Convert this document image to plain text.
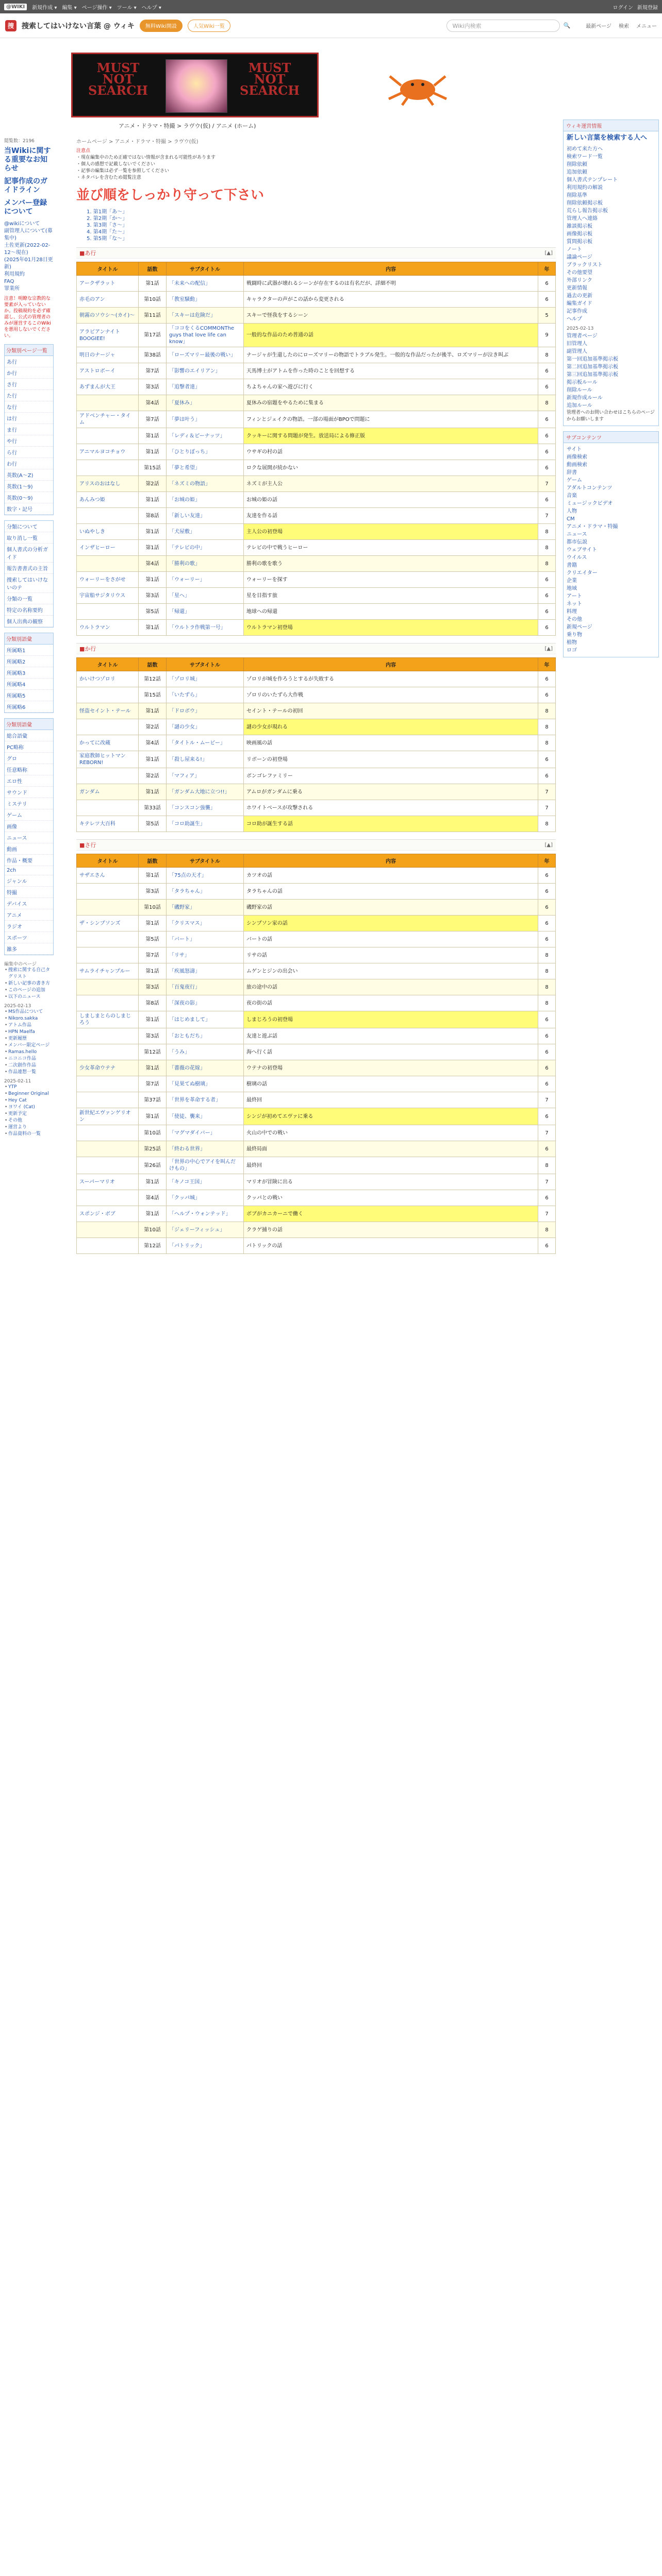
@WIKI	新規作成 ▾ 編集 ▾ ページ操作 ▾ ツール ▾ ヘルプ ▾	ログイン 新規登録
捜	捜索してはいけない言葉 @ ウィキ	無料Wiki開設	人気Wiki一覧	Wiki内検索	🔍	最新ページ 検索 メニュー
MUST
NOT
SEARCH
MUST
NOT
SEARCH
アニメ・ドラマ・特撮 > ラヴウ(仮) / アニメ (ホーム)
閲覧数：2196
当Wikiに関する重要なお知らせ
記事作成のガイドライン
メンバー登録について
@wikiについて
副管理人について(募集中)
土佐更新(2022-02-12〜現在)
(2025年01月28日更新)
利用規約
FAQ
罪業所
注意！明瞭な宗教的な要素が入っていないか。投稿規約を必ず確認し、公式の管理者のみが運営するこのWiki を悪用しないでください。
分類別ページ一覧
あ行
か行
さ行
た行
な行
は行
ま行
や行
ら行
わ行
英数(A〜Z)
英数(1〜9)
英数(0〜9)
数字・記号
分類について
取り消し一覧
個人書式の分析ガイド
報告書書式の主旨
捜索してはいけないのテ
分類の一覧
特定の名称要約
個人出典の観察
分類別語彙
所属略1
所属略2
所属略3
所属略4
所属略5
所属略6
分類別語彙
総合語彙
PC略称
グロ
任意略称
エロ性
サウンド
ミステリ
ゲーム
画像
ニュース
動画
作品・概要
2ch
ジャンル
特撮
デバイス
アニメ
ラジオ
スポーツ
雑多
編集中のページ
• 捜索に関する自己タグリスト
• 新しい記事の書き方
• このページの追加
• 以下のニュース
2025-02-13
• MS作品について
• Nikoro.sakka
• アトム作品
• HPN Maelfa
• 更新履歴
• メンバー限定ページ
• Ramas.hello
• ニコニコ作品
• 二次創作作品
• 作品連想一覧
2025-02-11
• YTP
• Beginner Original
• Hey Cat
• ヨワイ (Cat)
• 更新予定
• その他
• 運営より
• 作品資料の一覧
ホームページ > アニメ・ドラマ・特撮 > ラヴウ(仮)
注意点
・現在編集中のため正確ではない情報が含まれる可能性があります
・個人の感想で記載しないでください
・記事の編集は必ず一覧を参照してください
・ネタバレを含むため閲覧注意
並び順をしっかり守って下さい
1. 第1期「あ〜」
2. 第2期「か〜」
3. 第3期「さ〜」
4. 第4期「た〜」
5. 第5期「な〜」
■あ行	[▲]
タイトル	話数	サブタイトル	内容	年
アークザラット	第1話	「未来への配信」	戦闘時に武器が壊れるシーンが存在するのは有名だが、詳細不明	6
赤毛のアン	第10話	「教室騒動」	キャラクターの声がこの話から変更される	6
朝霧のソウシ〜(カイ)〜	第11話	「スキーは危険だ」	スキーで怪我をするシーン	5
アラビアンナイト BOOGIEE!	第17話	「ココをくるCOMMONThe guys that love life can know」	一般的な作品のため普通の話	9
明日のナージャ	第38話	「ローズマリー最後の戦い」	ナージャが生還したのにローズマリーの物語でトラブル発生。一般的な作品だったが後半、ロズマリーが泣き叫ぶ	8
アストロボーイ	第7話	「影響のエイリアン」	天馬博士がアトムを作った時のことを回想する	6
あずまんが大王	第3話	「追撃者達」	ちよちゃんの家へ遊びに行く	6
	第4話	「夏休み」	夏休みの宿題をやるために集まる	8
アドベンチャー・タイム	第7話	「夢は叶う」	フィンとジェイクの物語。一部の場面がBPOで問題に	6
	第1話	「レディ＆ピーナッツ」	クッキーに関する問題が発生。放送局による修正版	6
アニマルヨコチョウ	第1話	「ひとりぼっち」	ウサギの村の話	6
	第15話	「夢と希望」	ロクな展開が続かない	6
アリスのおはなし	第2話	「ネズミの物語」	ネズミが主人公	7
あんみつ姫	第1話	「お城の姫」	お城の姫の話	6
	第8話	「新しい友達」	友達を作る話	7
いぬやしき	第1話	「犬屋敷」	主人公の初登場	8
インザヒーロー	第1話	「テレビの中」	テレビの中で戦うヒーロー	8
	第4話	「勝利の歌」	勝利の歌を歌う	8
ウォーリーをさがせ	第1話	「ウォーリー」	ウォーリーを探す	6
宇宙船サジタリウス	第3話	「星へ」	星を目指す旅	6
	第5話	「帰還」	地球への帰還	6
ウルトラマン	第1話	「ウルトラ作戦第一号」	ウルトラマン初登場	6
■か行	[▲]
タイトル	話数	サブタイトル	内容	年
かいけつゾロリ	第12話	「ゾロリ城」	ゾロリが城を作ろうとするが失敗する	6
	第15話	「いたずら」	ゾロリのいたずら大作戦	6
怪盗セイント・テール	第1話	「ドロボウ」	セイント・テールの初回	8
	第2話	「謎の少女」	謎の少女が現れる	8
かってに改蔵	第4話	「タイトル・ムービー」	映画風の話	8
家庭教師ヒットマンREBORN!	第1話	「殺し屋来る!」	リボーンの初登場	6
	第2話	「マフィア」	ボンゴレファミリー	6
ガンダム	第1話	「ガンダム大地に立つ!!」	アムロがガンダムに乗る	7
	第33話	「コンスコン強襲」	ホワイトベースが攻撃される	7
キテレツ大百科	第5話	「コロ助誕生」	コロ助が誕生する話	8
■さ行	[▲]
タイトル	話数	サブタイトル	内容	年
サザエさん	第1話	「75点の天才」	カツオの話	6
	第3話	「タラちゃん」	タラちゃんの話	6
	第10話	「磯野家」	磯野家の話	6
ザ・シンプソンズ	第1話	「クリスマス」	シンプソン家の話	6
	第5話	「バート」	バートの話	6
	第7話	「リサ」	リサの話	8
サムライチャンプルー	第1話	「疾風怒濤」	ムゲンとジンの出会い	8
	第3話	「百鬼夜行」	旅の途中の話	8
	第8話	「深夜の影」	夜の街の話	8
しましまとらのしまじろう	第1話	「はじめまして」	しまじろうの初登場	6
	第3話	「おともだち」	友達と遊ぶ話	6
	第12話	「うみ」	海へ行く話	6
少女革命ウテナ	第1話	「薔薇の花嫁」	ウテナの初登場	6
	第7話	「見果てぬ樹璃」	樹璃の話	6
	第37話	「世界を革命する者」	最終回	7
新世紀エヴァンゲリオン	第1話	「使徒、襲来」	シンジが初めてエヴァに乗る	6
	第10話	「マグマダイバー」	火山の中での戦い	7
	第25話	「終わる世界」	最終局面	6
	第26話	「世界の中心でアイを叫んだけもの」	最終回	8
スーパーマリオ	第1話	「キノコ王国」	マリオが冒険に出る	7
	第4話	「クッパ城」	クッパとの戦い	6
スポンジ・ボブ	第1話	「ヘルプ・ウォンテッド」	ボブがカニカーニで働く	7
	第10話	「ジェリーフィッシュ」	クラゲ捕りの話	8
	第12話	「パトリック」	パトリックの話	6
ウィキ運営情報
新しい言葉を検索する人へ
初めて来た方へ
検索ワード一覧
削除依頼
追加依頼
個人書式テンプレート
利用規約の解説
削除基準
削除依頼掲示板
荒らし報告掲示板
管理人へ連絡
雑談掲示板
画像掲示板
質問掲示板
ノート
議論ページ
ブラックリスト
その他要望
外部リンク
更新情報
過去の更新
編集ガイド
記事作成
ヘルプ
2025-02-13
管理者ページ
旧管理人
副管理人
第一回追加基準掲示板
第二回追加基準掲示板
第三回追加基準掲示板
掲示板ルール
削除ルール
新規作成ルール
追加ルール
管理者へのお問い合わせはこちらのページからお願いします
サブコンテンツ
サイト
画像検索
動画検索
辞書
ゲーム
アダルトコンテンツ
音楽
ミュージックビデオ
人物
CM
アニメ・ドラマ・特撮
ニュース
都市伝説
ウェブサイト
ウイルス
書籍
クリエイター
企業
地域
アート
ネット
料理
その他
新規ページ
乗り物
植物
ロゴ
